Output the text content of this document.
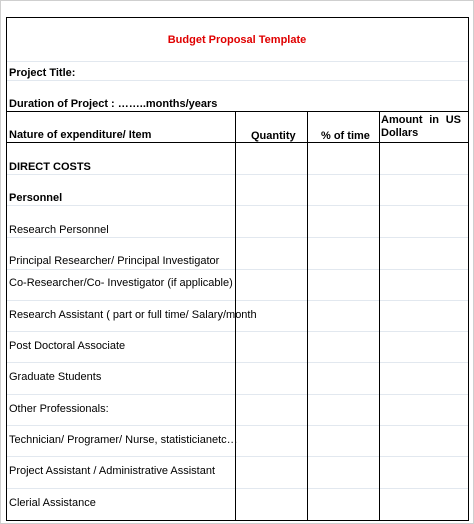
Budget Proposal Template
Project Title:
Duration of Project : ……..months/years
Nature of expenditure/ Item	Quantity % of time
Amount in US
Dollars
DIRECT COSTS
Personnel
Research Personnel
Principal Researcher/ Principal Investigator
Co-Researcher/Co- Investigator (if applicable)
Research Assistant ( part or full time/ Salary/month
Post Doctoral Associate
Graduate Students
Other Professionals:
Technician/ Programer/ Nurse, statisticianetc…
Project Assistant / Administrative Assistant
Clerial Assistance
